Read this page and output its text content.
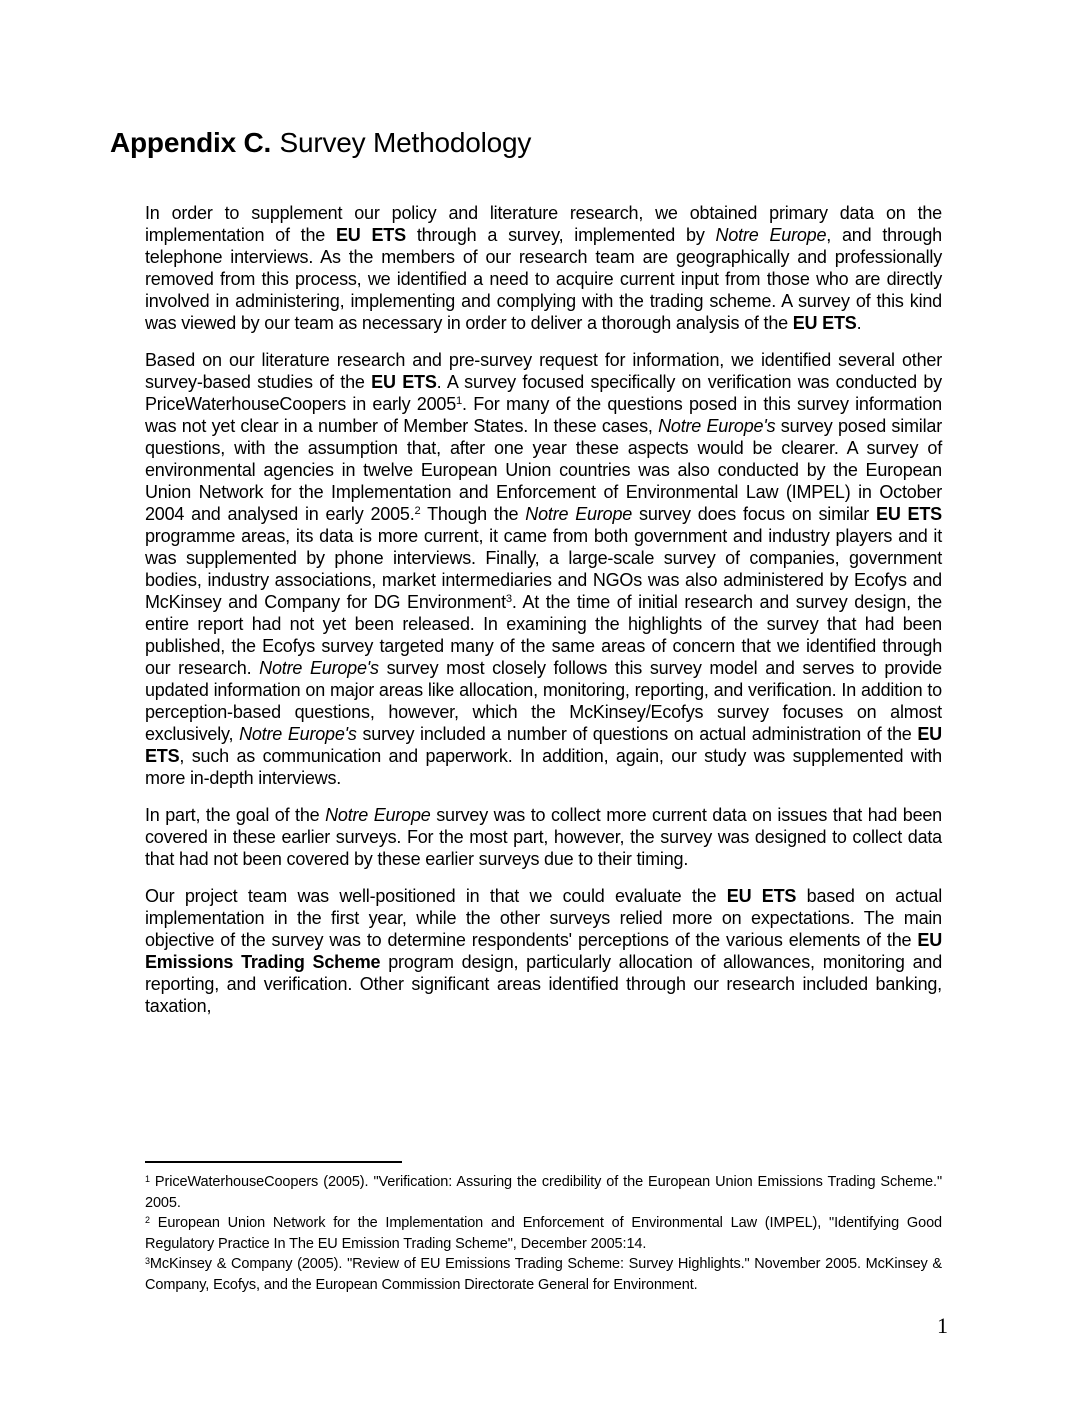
Appendix C. Survey Methodology

In order to supplement our policy and literature research, we obtained primary data on the implementation of the EU ETS through a survey, implemented by Notre Europe, and through telephone interviews. As the members of our research team are geographically and professionally removed from this process, we identified a need to acquire current input from those who are directly involved in administering, implementing and complying with the trading scheme. A survey of this kind was viewed by our team as necessary in order to deliver a thorough analysis of the EU ETS.

Based on our literature research and pre-survey request for information, we identified several other survey-based studies of the EU ETS. A survey focused specifically on verification was conducted by PriceWaterhouseCoopers in early 2005$^1$. For many of the questions posed in this survey information was not yet clear in a number of Member States. In these cases, Notre Europe's survey posed similar questions, with the assumption that, after one year these aspects would be clearer. A survey of environmental agencies in twelve European Union countries was also conducted by the European Union Network for the Implementation and Enforcement of Environmental Law (IMPEL) in October 2004 and analysed in early 2005.$^2$ Though the Notre Europe survey does focus on similar EU ETS programme areas, its data is more current, it came from both government and industry players and it was supplemented by phone interviews. Finally, a large-scale survey of companies, government bodies, industry associations, market intermediaries and NGOs was also administered by Ecofys and McKinsey and Company for DG Environment$^3$. At the time of initial research and survey design, the entire report had not yet been released. In examining the highlights of the survey that had been published, the Ecofys survey targeted many of the same areas of concern that we identified through our research. Notre Europe's survey most closely follows this survey model and serves to provide updated information on major areas like allocation, monitoring, reporting, and verification. In addition to perception-based questions, however, which the McKinsey/Ecofys survey focuses on almost exclusively, Notre Europe's survey included a number of questions on actual administration of the EU ETS, such as communication and paperwork. In addition, again, our study was supplemented with more in-depth interviews.

In part, the goal of the Notre Europe survey was to collect more current data on issues that had been covered in these earlier surveys. For the most part, however, the survey was designed to collect data that had not been covered by these earlier surveys due to their timing.

Our project team was well-positioned in that we could evaluate the EU ETS based on actual implementation in the first year, while the other surveys relied more on expectations. The main objective of the survey was to determine respondents' perceptions of the various elements of the EU Emissions Trading Scheme program design, particularly allocation of allowances, monitoring and reporting, and verification. Other significant areas identified through our research included banking, taxation,

$^1$ PriceWaterhouseCoopers (2005). "Verification: Assuring the credibility of the European Union Emissions Trading Scheme." 2005.

$^2$ European Union Network for the Implementation and Enforcement of Environmental Law (IMPEL), "Identifying Good Regulatory Practice In The EU Emission Trading Scheme", December 2005:14.

$^3$McKinsey & Company (2005). "Review of EU Emissions Trading Scheme: Survey Highlights." November 2005. McKinsey & Company, Ecofys, and the European Commission Directorate General for Environment.

1
